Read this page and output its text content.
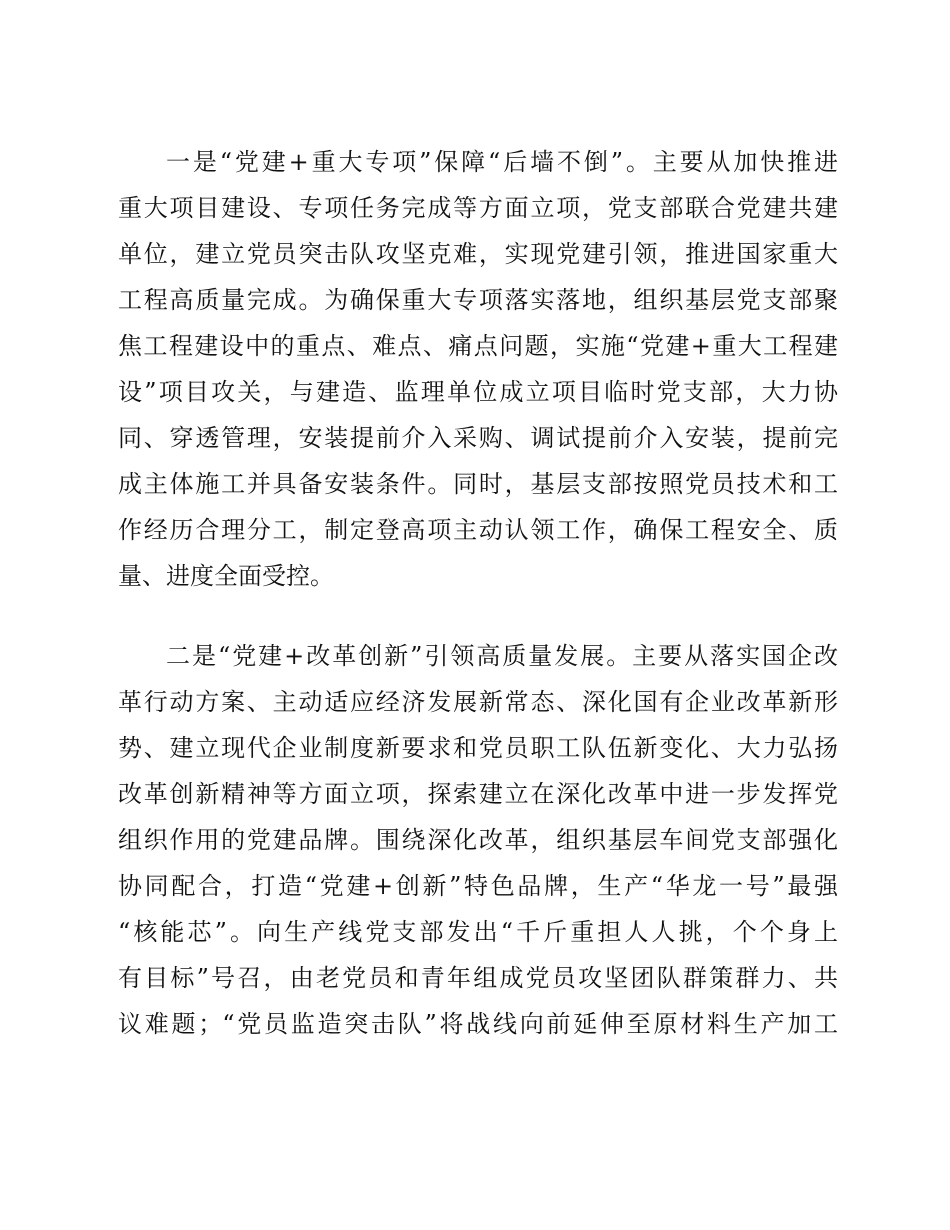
一是“党建+重大专项”保障“后墙不倒”。主要从加快推进
重大项目建设、专项任务完成等方面立项，党支部联合党建共建
单位，建立党员突击队攻坚克难，实现党建引领，推进国家重大
工程高质量完成。为确保重大专项落实落地，组织基层党支部聚
焦工程建设中的重点、难点、痛点问题，实施“党建+重大工程建
设”项目攻关，与建造、监理单位成立项目临时党支部，大力协
同、穿透管理，安装提前介入采购、调试提前介入安装，提前完
成主体施工并具备安装条件。同时，基层支部按照党员技术和工
作经历合理分工，制定登高项主动认领工作，确保工程安全、质
量、进度全面受控。
二是“党建+改革创新”引领高质量发展。主要从落实国企改
革行动方案、主动适应经济发展新常态、深化国有企业改革新形
势、建立现代企业制度新要求和党员职工队伍新变化、大力弘扬
改革创新精神等方面立项，探索建立在深化改革中进一步发挥党
组织作用的党建品牌。围绕深化改革，组织基层车间党支部强化
协同配合，打造“党建+创新”特色品牌，生产“华龙一号”最强
“核能芯”。向生产线党支部发出“千斤重担人人挑，个个身上
有目标”号召，由老党员和青年组成党员攻坚团队群策群力、共
议难题；“党员监造突击队”将战线向前延伸至原材料生产加工
